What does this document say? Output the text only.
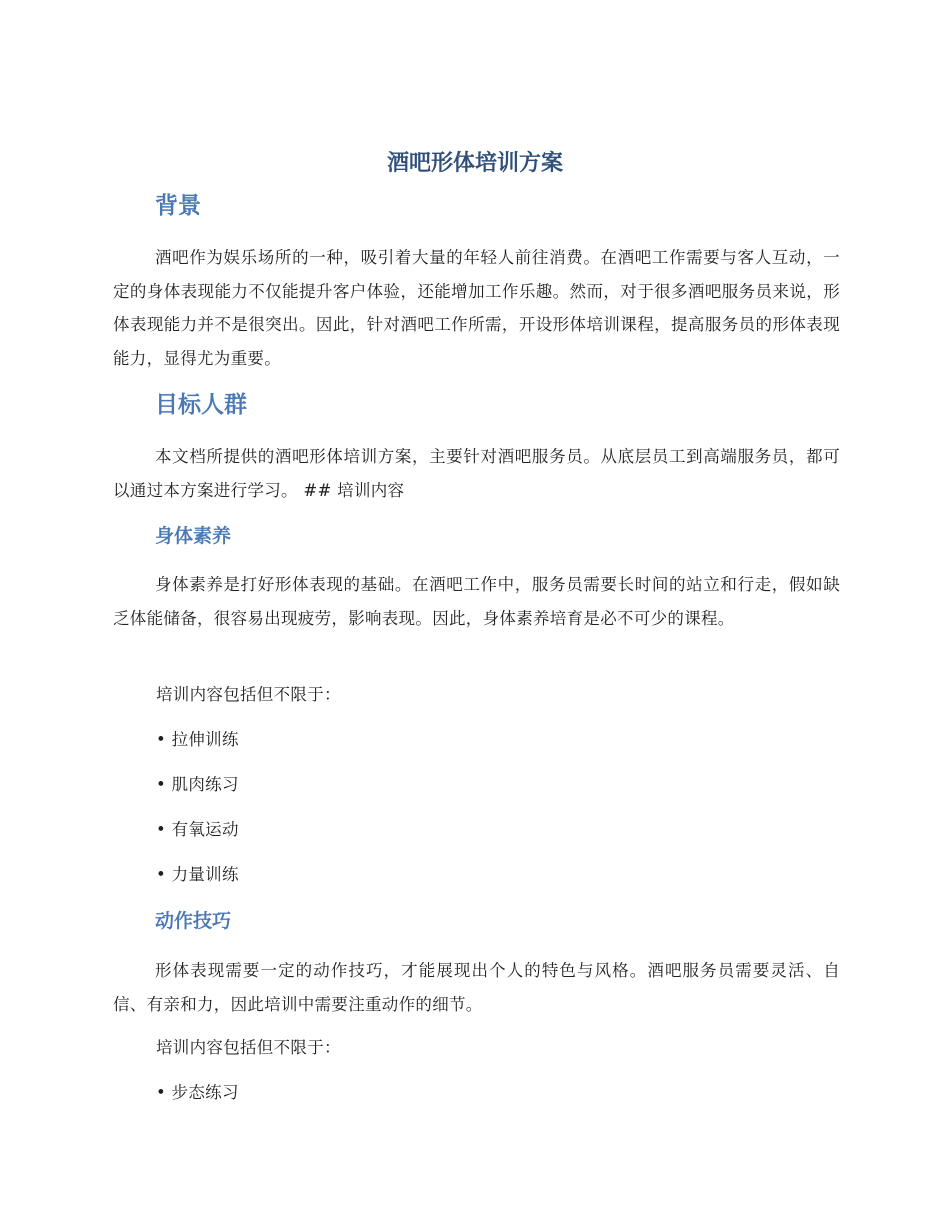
酒吧形体培训方案
背景

酒吧作为娱乐场所的一种，吸引着大量的年轻人前往消费。在酒吧工作需要与客人互动，一定的身体表现能力不仅能提升客户体验，还能增加工作乐趣。然而，对于很多酒吧服务员来说，形体表现能力并不是很突出。因此，针对酒吧工作所需，开设形体培训课程，提高服务员的形体表现能力，显得尤为重要。

目标人群

本文档所提供的酒吧形体培训方案，主要针对酒吧服务员。从底层员工到高端服务员，都可以通过本方案进行学习。 ## 培训内容

身体素养

身体素养是打好形体表现的基础。在酒吧工作中，服务员需要长时间的站立和行走，假如缺乏体能储备，很容易出现疲劳，影响表现。因此，身体素养培育是必不可少的课程。

培训内容包括但不限于：

• 拉伸训练

• 肌肉练习

• 有氧运动

• 力量训练

动作技巧

形体表现需要一定的动作技巧，才能展现出个人的特色与风格。酒吧服务员需要灵活、自信、有亲和力，因此培训中需要注重动作的细节。

培训内容包括但不限于：

• 步态练习
